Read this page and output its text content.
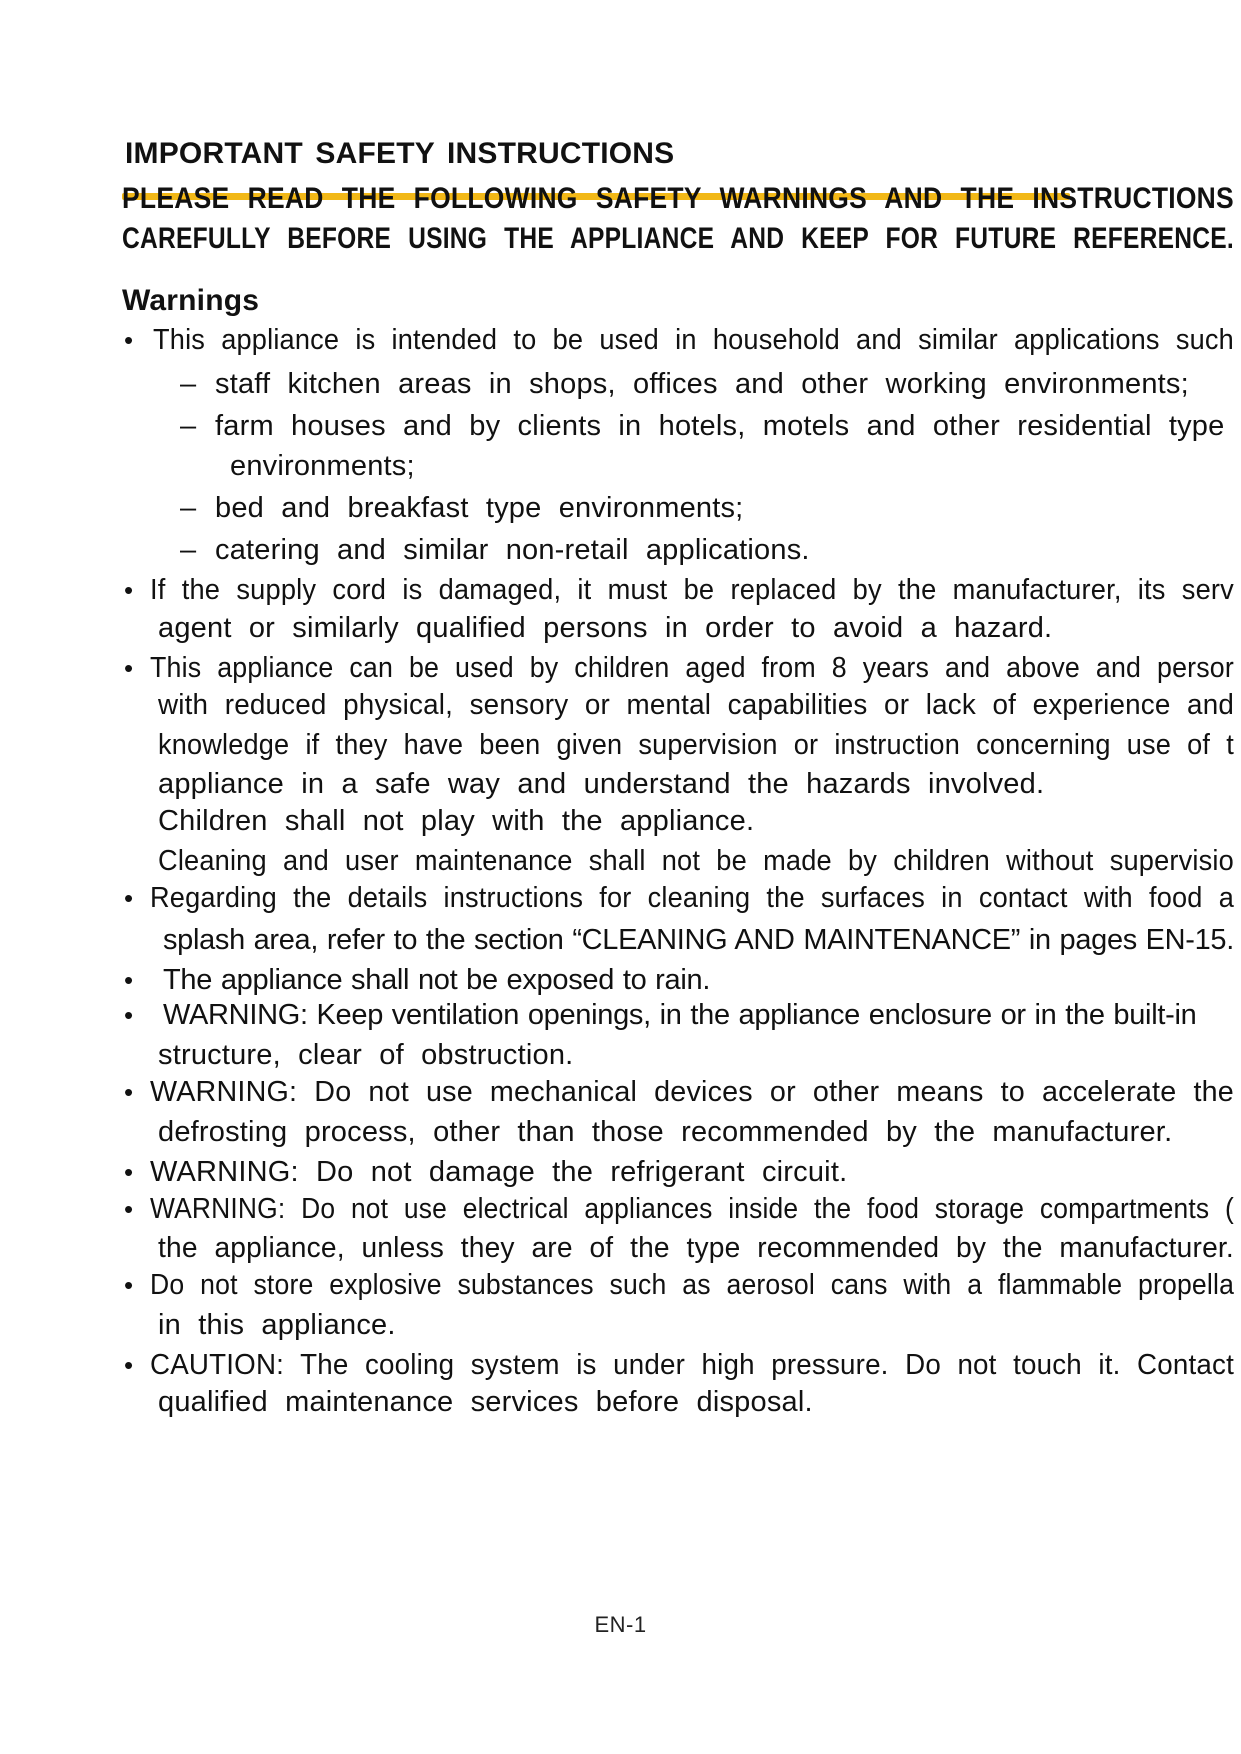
IMPORTANT SAFETY INSTRUCTIONS
PLEASE READ THE FOLLOWING SAFETY WARNINGS AND THE INSTRUCTIONS
CAREFULLY BEFORE USING THE APPLIANCE AND KEEP FOR FUTURE REFERENCE.
Warnings
• This appliance is intended to be used in household and similar applications such
– staff kitchen areas in shops, offices and other working environments;
– farm houses and by clients in hotels, motels and other residential type
environments;
– bed and breakfast type environments;
– catering and similar non-retail applications.
• If the supply cord is damaged, it must be replaced by the manufacturer, its serv
agent or similarly qualified persons in order to avoid a hazard.
• This appliance can be used by children aged from 8 years and above and persor
with reduced physical, sensory or mental capabilities or lack of experience and
knowledge if they have been given supervision or instruction concerning use of t
appliance in a safe way and understand the hazards involved.
Children shall not play with the appliance.
Cleaning and user maintenance shall not be made by children without supervisio
• Regarding the details instructions for cleaning the surfaces in contact with food a
splash area, refer to the section “CLEANING AND MAINTENANCE” in pages EN-15.
• The appliance shall not be exposed to rain.
• WARNING: Keep ventilation openings, in the appliance enclosure or in the built-in
structure, clear of obstruction.
• WARNING: Do not use mechanical devices or other means to accelerate the
defrosting process, other than those recommended by the manufacturer.
• WARNING: Do not damage the refrigerant circuit.
• WARNING: Do not use electrical appliances inside the food storage compartments (
the appliance, unless they are of the type recommended by the manufacturer.
• Do not store explosive substances such as aerosol cans with a flammable propella
in this appliance.
• CAUTION: The cooling system is under high pressure. Do not touch it. Contact
qualified maintenance services before disposal.
EN-1
